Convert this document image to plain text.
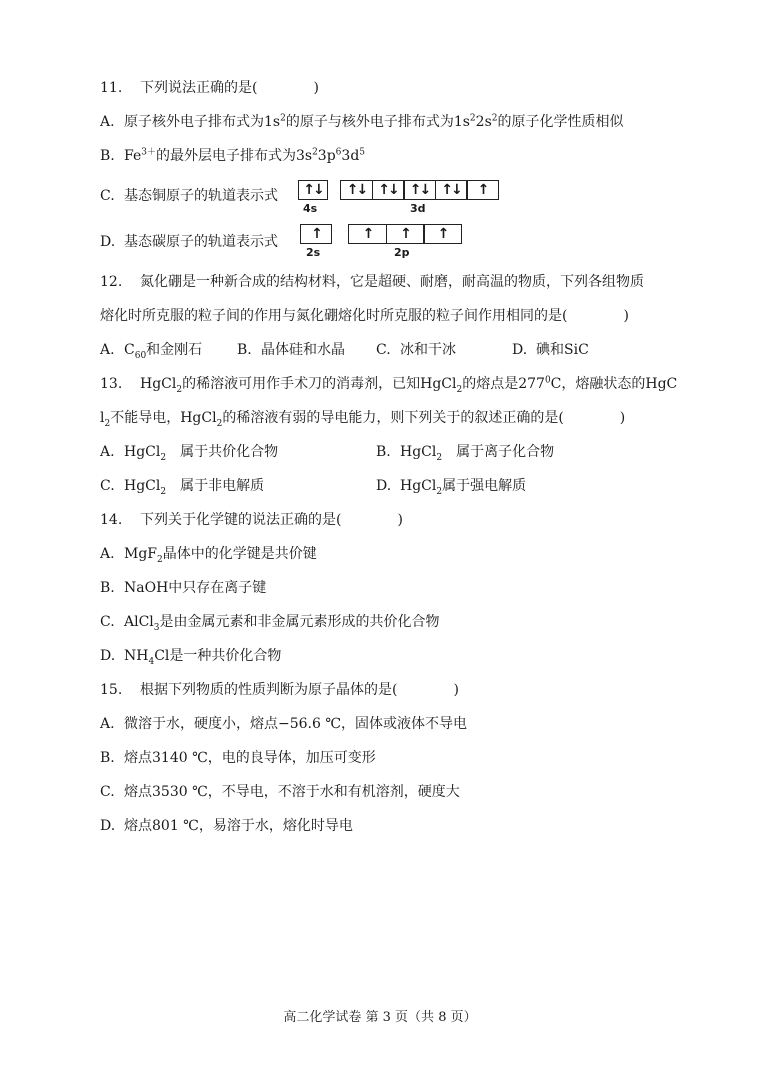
11. 下列说法正确的是(　　　　)
A. 原子核外电子排布式为$1s^2$的原子与核外电子排布式为$1s^22s^2$的原子化学性质相似
B. $Fe^{3+}$的最外层电子排布式为$3s^23p^63d^5$
C. 基态铜原子的轨道表示式	↑↓
4s
↑↓ ↑↓ ↑↓ ↑↓	↑
3d
D. 基态碳原子的轨道表示式	↑
2s
↑	↑	↑
2p
12. 氮化硼是一种新合成的结构材料，它是超硬、耐磨，耐高温的物质，下列各组物质
熔化时所克服的粒子间的作用与氮化硼熔化时所克服的粒子间作用相同的是(　　　　)
A. $C_{60}$和金刚石 B. 晶体硅和水晶 C. 冰和干冰	D. 碘和SiC
13. HgCl$_2$的稀溶液可用作手术刀的消毒剂，已知HgCl$_2$的熔点是$277^0C$，熔融状态的HgC
$l_2$不能导电，HgCl$_2$的稀溶液有弱的导电能力，则下列关于的叙述正确的是(　　　　)
A. HgCl$_2$　属于共价化合物	B. HgCl$_2$　属于离子化合物
C. HgCl$_2$　属于非电解质	D. HgCl$_2$属于强电解质
14. 下列关于化学键的说法正确的是(　　　　)
A. MgF$_2$晶体中的化学键是共价键
B. NaOH中只存在离子键
C. AlCl$_3$是由金属元素和非金属元素形成的共价化合物
D. $NH_4Cl$是一种共价化合物
15. 根据下列物质的性质判断为原子晶体的是(　　　　)
A. 微溶于水，硬度小，熔点−56.6 ℃，固体或液体不导电
B. 熔点3140 ℃，电的良导体，加压可变形
C. 熔点3530 ℃，不导电，不溶于水和有机溶剂，硬度大
D. 熔点801 ℃，易溶于水，熔化时导电
高二化学试卷 第 3 页（共 8 页）
